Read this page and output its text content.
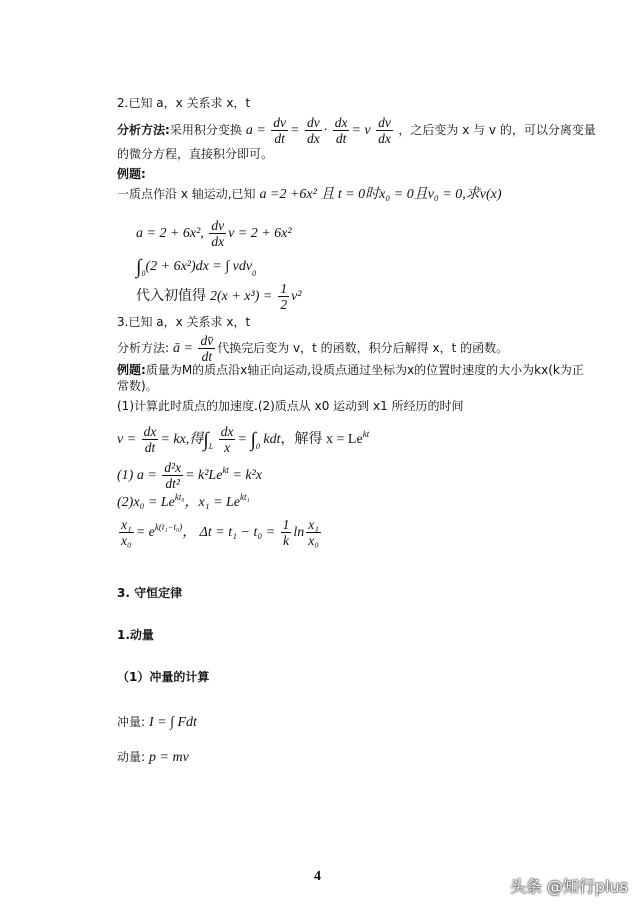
2.已知 a，x 关系求 x，t
分析方法:采用积分变换 $a = \frac{dv}{dt} = \frac{dv}{dx} \cdot \frac{dx}{dt} = v \frac{dv}{dx}$ ，之后变为 x 与 v 的，可以分离变量
的微分方程，直接积分即可。
例题:
一质点作沿 x 轴运动,已知 a =2 +6x² 且 t = 0时x₀ = 0且v₀ = 0,求v(x)
a = 2 + 6x², $\frac{dv}{dx}$ v = 2 + 6x²
$\int_0(2 + 6x^2)dx$ = ∫ vdv$_0$
代入初值得 $2(x + x^3) = \frac{1}{2} v^2$
3.已知 a，x 关系求 x，t
分析方法: ā = $\frac{dv̄}{dt}$ 代换完后变为 v，t 的函数，积分后解得 x，t 的函数。
例题:质量为M的质点沿x轴正向运动,设质点通过坐标为x的位置时速度的大小为kx(k为正
常数)。
(1)计算此时质点的加速度.(2)质点从 x0 运动到 x1 所经历的时间
$v = \frac{dx}{dt}$ = kx,得$\int_L \frac{dx}{x} = \int_0$ kdt，解得 $x = Le^{kt}$
(1) $a = \frac{\text{d²x}}{\text{dt²}} = k^2Le^{kt} = k^2x$
$(2)x_0 = Le^{kt_0}$，$x_1 = Le^{kt_1}$
$\frac{\text{x₁}}{\text{x₀}} = e^{k(t_1-t_0)}$， $\Delta t = t_1 - t_0 = \frac{1}{k}$ $\ln \frac{\text{x₁}}{\text{x₀}}$
3. 守恒定律
1.动量
（1）冲量的计算
冲量: I = ∫ Fdt
动量: p = mv
4
头条 @知行plus
